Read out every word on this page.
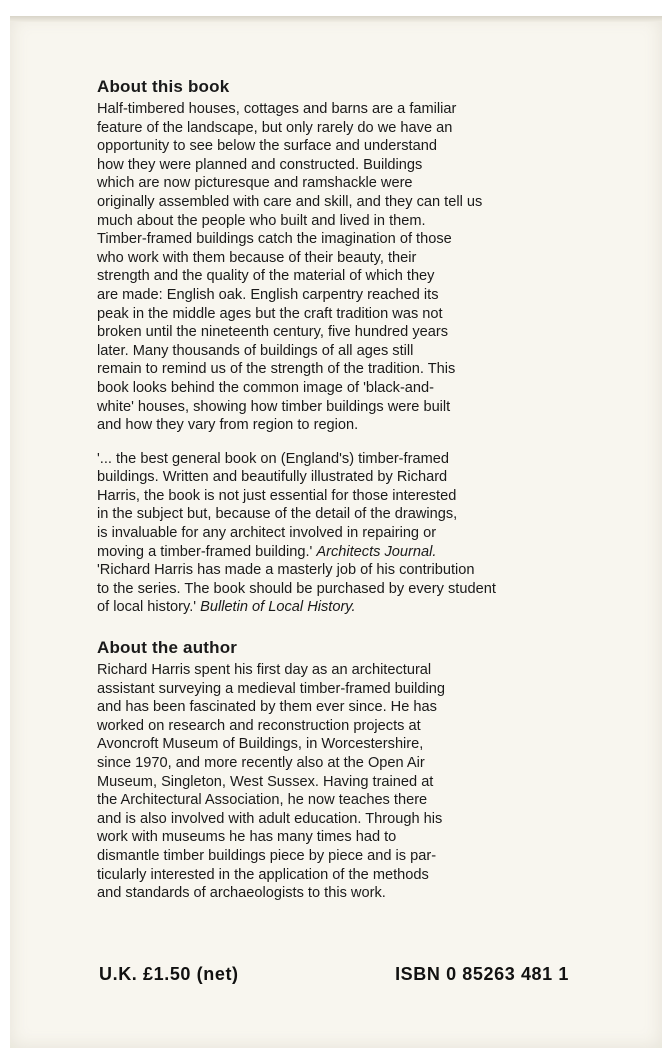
About this book

Half-timbered houses, cottages and barns are a familiar
feature of the landscape, but only rarely do we have an
opportunity to see below the surface and understand
how they were planned and constructed. Buildings
which are now picturesque and ramshackle were
originally assembled with care and skill, and they can tell us
much about the people who built and lived in them.
Timber-framed buildings catch the imagination of those
who work with them because of their beauty, their
strength and the quality of the material of which they
are made: English oak. English carpentry reached its
peak in the middle ages but the craft tradition was not
broken until the nineteenth century, five hundred years
later. Many thousands of buildings of all ages still
remain to remind us of the strength of the tradition. This
book looks behind the common image of 'black-and-
white' houses, showing how timber buildings were built
and how they vary from region to region.

'... the best general book on (England's) timber-framed
buildings. Written and beautifully illustrated by Richard
Harris, the book is not just essential for those interested
in the subject but, because of the detail of the drawings,
is invaluable for any architect involved in repairing or
moving a timber-framed building.' Architects Journal.

'Richard Harris has made a masterly job of his contribution
to the series. The book should be purchased by every student
of local history.' Bulletin of Local History.

About the author

Richard Harris spent his first day as an architectural
assistant surveying a medieval timber-framed building
and has been fascinated by them ever since. He has
worked on research and reconstruction projects at
Avoncroft Museum of Buildings, in Worcestershire,
since 1970, and more recently also at the Open Air
Museum, Singleton, West Sussex. Having trained at
the Architectural Association, he now teaches there
and is also involved with adult education. Through his
work with museums he has many times had to
dismantle timber buildings piece by piece and is par-
ticularly interested in the application of the methods
and standards of archaeologists to this work.

U.K. £1.50 (net)	ISBN 0 85263 481 1
